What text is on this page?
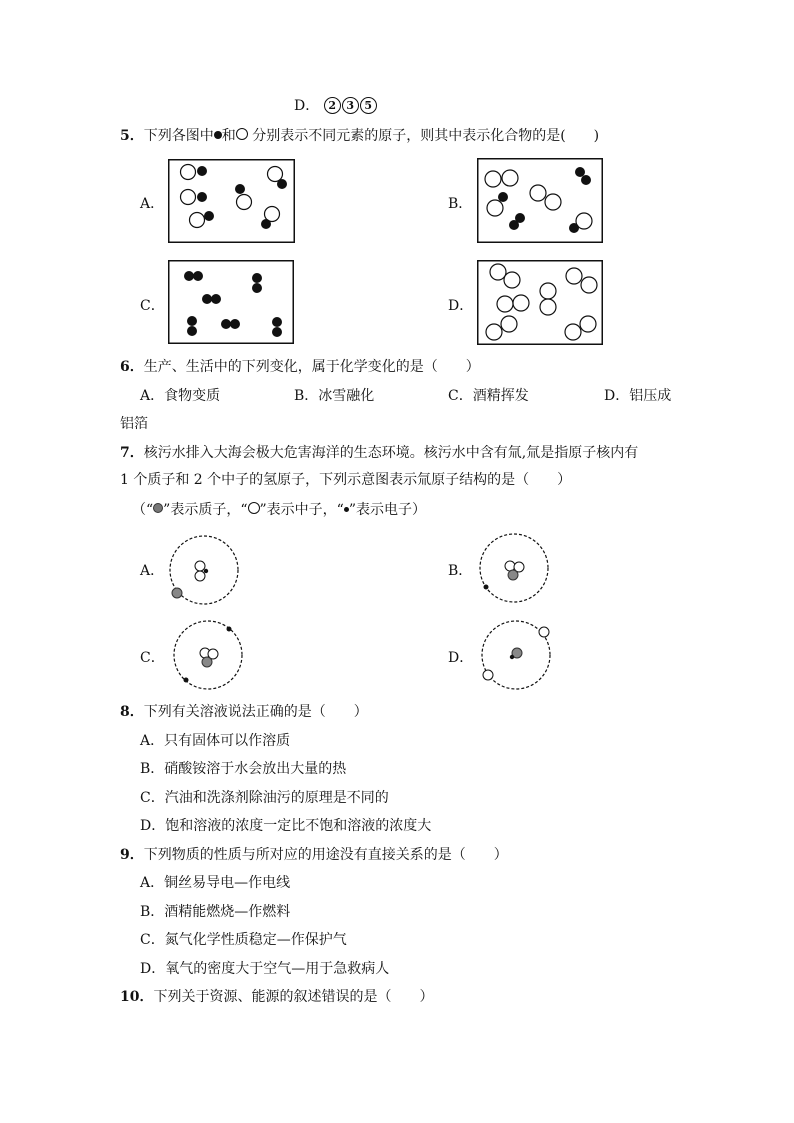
D． 2 3 5
5．下列各图中 和 分别表示不同元素的原子，则其中表示化合物的是(　　)
A．	B．
C．	D．
6．生产、生活中的下列变化，属于化学变化的是（　　）
A．食物变质	B．冰雪融化	C．酒精挥发	D．铝压成
铝箔
7．核污水排入大海会极大危害海洋的生态环境。核污水中含有氚,氚是指原子核内有
1 个质子和 2 个中子的氢原子，下列示意图表示氚原子结构的是（　　）
（“ ”表示质子，“ ”表示中子，“ ”表示电子）
A．	B．
C．	D．
8．下列有关溶液说法正确的是（　　）
A．只有固体可以作溶质
B．硝酸铵溶于水会放出大量的热
C．汽油和洗涤剂除油污的原理是不同的
D．饱和溶液的浓度一定比不饱和溶液的浓度大
9．下列物质的性质与所对应的用途没有直接关系的是（　　）
A．铜丝易导电—作电线
B．酒精能燃烧—作燃料
C．氮气化学性质稳定—作保护气
D．氧气的密度大于空气—用于急救病人
10．下列关于资源、能源的叙述错误的是（　　）
